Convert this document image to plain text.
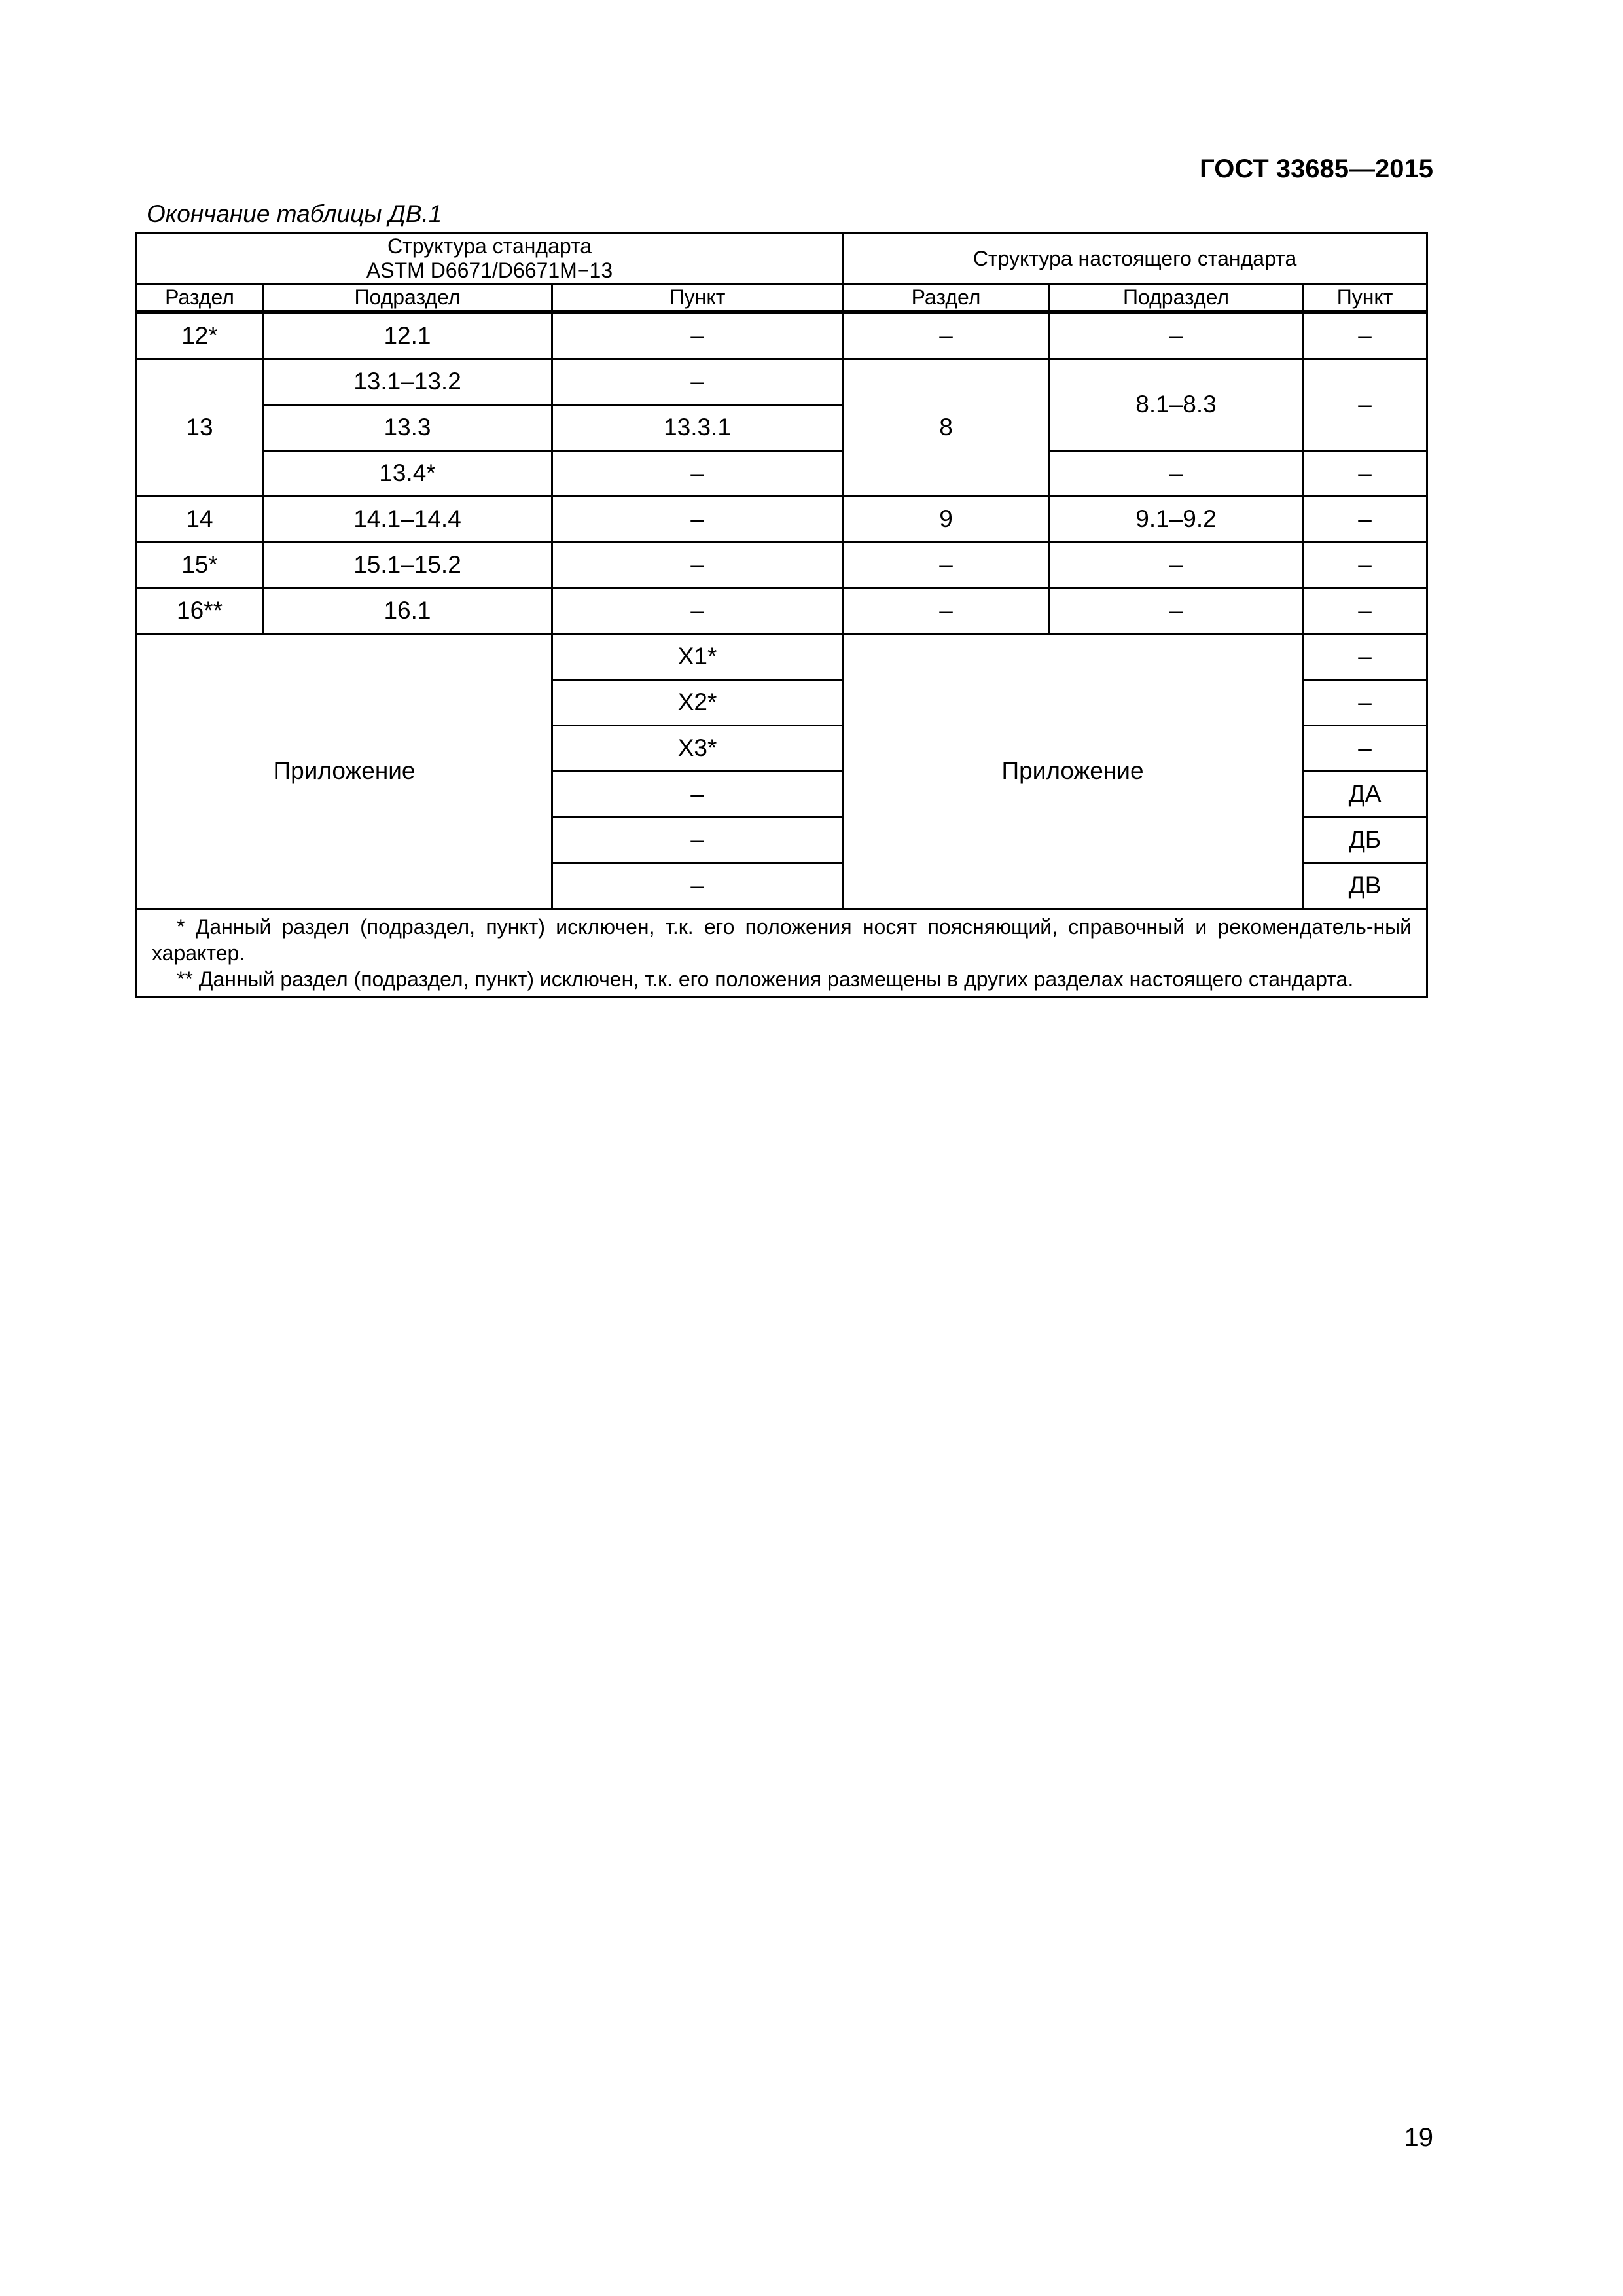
ГОСТ 33685—2015
Окончание таблицы ДВ.1
Структура стандарта
ASTM D6671/D6671M−13			Структура настоящего стандарта		
Раздел	Подраздел	Пункт	Раздел	Подраздел	Пункт
12*	12.1	–	–	–	–
13	13.1–13.2	–	8	8.1–8.3	–
	13.3	13.3.1			
	13.4*	–		–	–
14	14.1–14.4	–	9	9.1–9.2	–
15*	15.1–15.2	–	–	–	–
16**	16.1	–	–	–	–
Приложение		X1*	Приложение		–
		X2*			–
		X3*			–
		–			ДА
		–			ДБ
		–			ДВ

* Данный раздел (подраздел, пункт) исключен, т.к. его положения носят поясняющий, справочный и рекомендатель-ный характер.
** Данный раздел (подраздел, пункт) исключен, т.к. его положения размещены в других разделах настоящего стандарта.					
19
